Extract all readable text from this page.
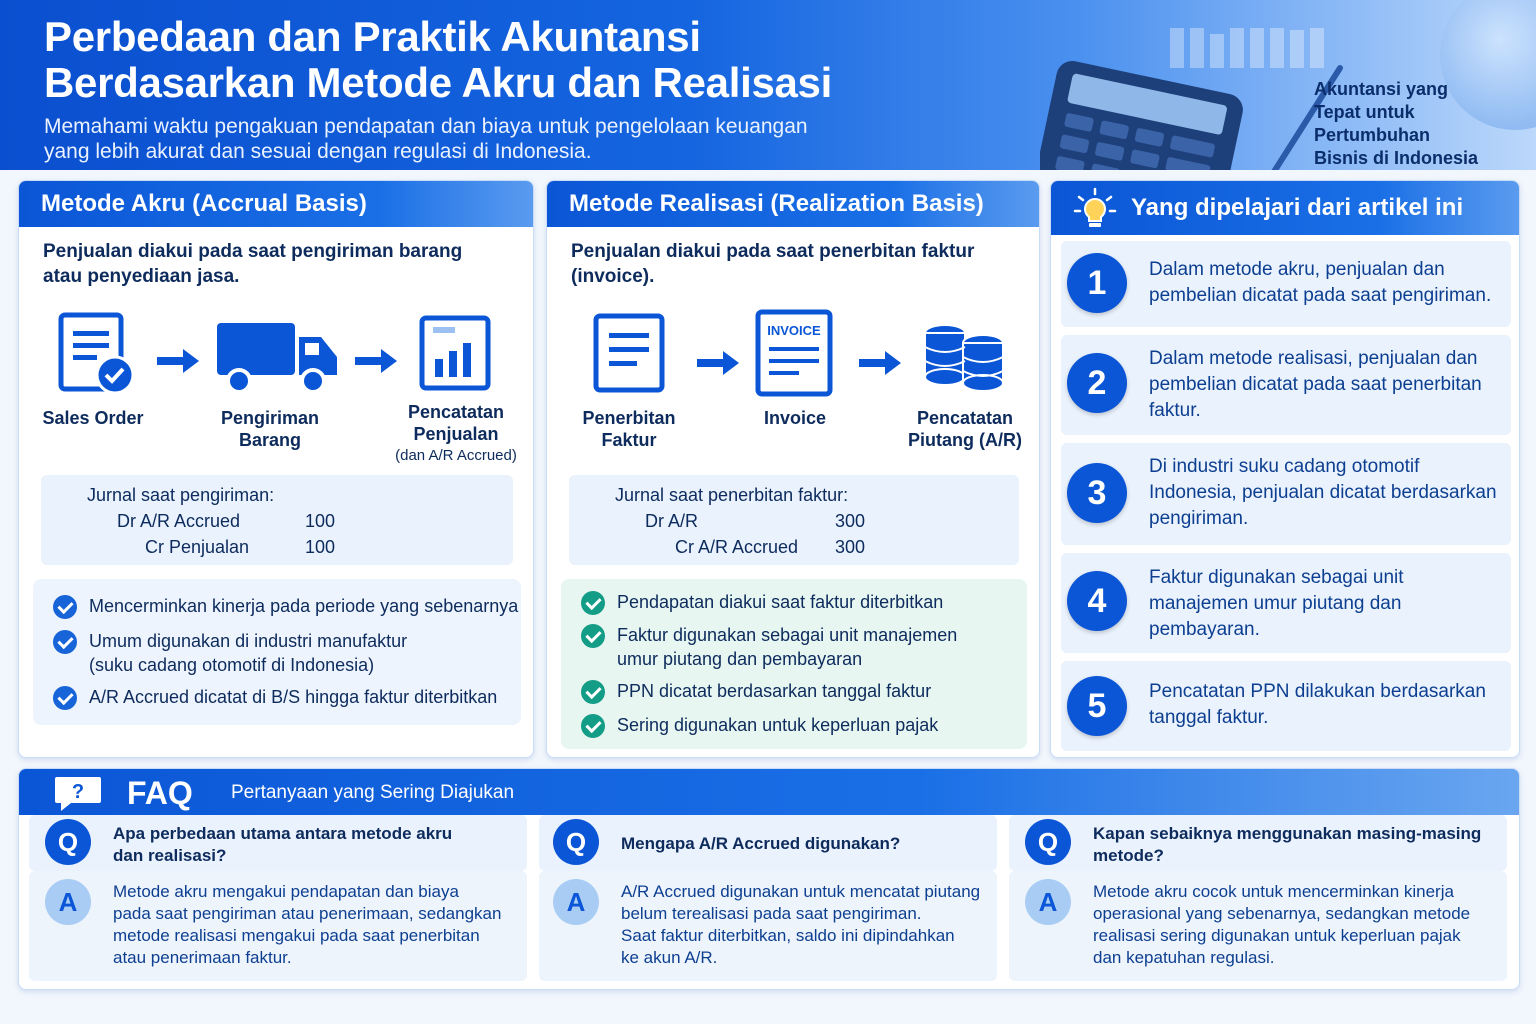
Perbedaan dan Praktik Akuntansi
Berdasarkan Metode Akru dan Realisasi
Memahami waktu pengakuan pendapatan dan biaya untuk pengelolaan keuangan
yang lebih akurat dan sesuai dengan regulasi di Indonesia.
Akuntansi yang
Tepat untuk
Pertumbuhan
Bisnis di Indonesia
Metode Akru (Accrual Basis)
Penjualan diakui pada saat pengiriman barang
atau penyediaan jasa.
Sales Order	Pengiriman
Barang
Pencatatan
Penjualan
(dan A/R Accrued)
Jurnal saat pengiriman:
Dr A/R Accrued	100
Cr Penjualan	100
Mencerminkan kinerja pada periode yang sebenarnya
Umum digunakan di industri manufaktur
(suku cadang otomotif di Indonesia)
A/R Accrued dicatat di B/S hingga faktur diterbitkan
Metode Realisasi (Realization Basis)
Penjualan diakui pada saat penerbitan faktur
(invoice).
INVOICE
Penerbitan
Faktur
Invoice	Pencatatan
Piutang (A/R)
Jurnal saat penerbitan faktur:
Dr A/R	300
Cr A/R Accrued 300
Pendapatan diakui saat faktur diterbitkan
Faktur digunakan sebagai unit manajemen
umur piutang dan pembayaran
PPN dicatat berdasarkan tanggal faktur
Sering digunakan untuk keperluan pajak
Yang dipelajari dari artikel ini
1	Dalam metode akru, penjualan dan
pembelian dicatat pada saat pengiriman.
2
Dalam metode realisasi, penjualan dan
pembelian dicatat pada saat penerbitan
faktur.
3
Di industri suku cadang otomotif
Indonesia, penjualan dicatat berdasarkan
pengiriman.
4
Faktur digunakan sebagai unit
manajemen umur piutang dan
pembayaran.
5	Pencatatan PPN dilakukan berdasarkan
tanggal faktur.
? FAQ Pertanyaan yang Sering Diajukan
Q	Apa perbedaan utama antara metode akru
dan realisasi?
A	Metode akru mengakui pendapatan dan biaya
pada saat pengiriman atau penerimaan, sedangkan
metode realisasi mengakui pada saat penerbitan
atau penerimaan faktur.
Q	Mengapa A/R Accrued digunakan?
A	A/R Accrued digunakan untuk mencatat piutang
belum terealisasi pada saat pengiriman.
Saat faktur diterbitkan, saldo ini dipindahkan
ke akun A/R.
Q	Kapan sebaiknya menggunakan masing-masing
metode?
A	Metode akru cocok untuk mencerminkan kinerja
operasional yang sebenarnya, sedangkan metode
realisasi sering digunakan untuk keperluan pajak
dan kepatuhan regulasi.
